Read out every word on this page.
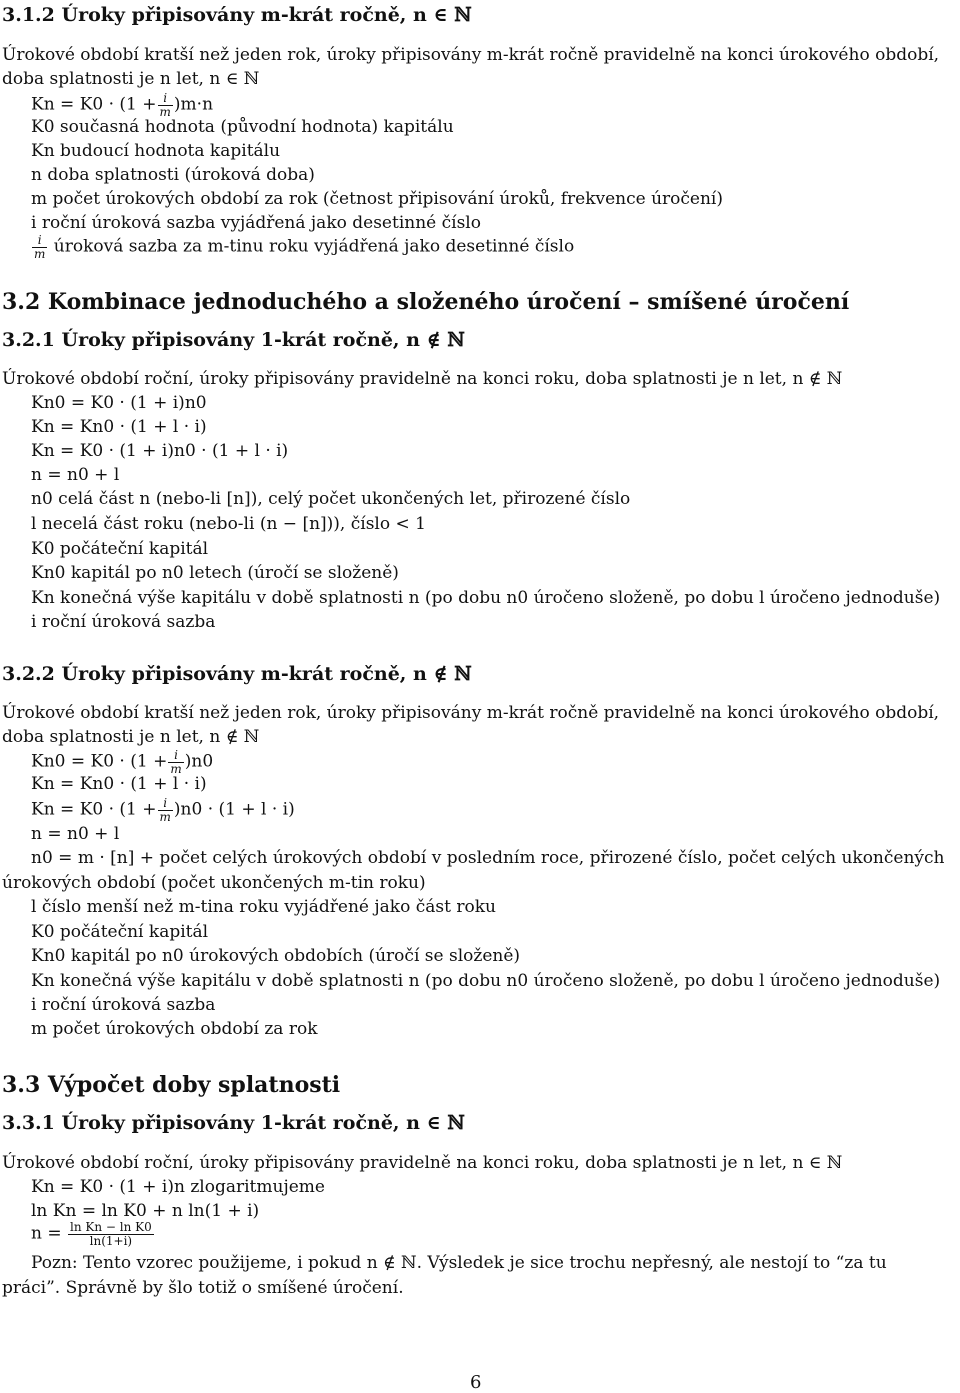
3.1.2 Úroky připisovány m-krát ročně, n ∈ ℕ
Úrokové období kratší než jeden rok, úroky připisovány m-krát ročně pravidelně na konci úrokového období,
doba splatnosti je n let, n ∈ ℕ
$Kn = K0 \cdot (1 + \frac{i}{m} )m\cdot n$
K0 současná hodnota (původní hodnota) kapitálu
Kn budoucí hodnota kapitálu
n doba splatnosti (úroková doba)
m počet úrokových období za rok (četnost připisování úroků, frekvence úročení)
i roční úroková sazba vyjádřená jako desetinné číslo
$\frac{i}{m}$ úroková sazba za m-tinu roku vyjádřená jako desetinné číslo
3.2 Kombinace jednoduchého a složeného úročení – smíšené úročení
3.2.1 Úroky připisovány 1-krát ročně, n ∉ ℕ
Úrokové období roční, úroky připisovány pravidelně na konci roku, doba splatnosti je n let, n ∉ ℕ
Kn0 = K0 · (1 + i)n0
Kn = Kn0 · (1 + l · i)
Kn = K0 · (1 + i)n0 · (1 + l · i)
n = n0 + l
n0 celá část n (nebo-li [n]), celý počet ukončených let, přirozené číslo
l necelá část roku (nebo-li (n − [n])), číslo < 1
K0 počáteční kapitál
Kn0 kapitál po n0 letech (úročí se složeně)
Kn konečná výše kapitálu v době splatnosti n (po dobu n0 úročeno složeně, po dobu l úročeno jednoduše)
i roční úroková sazba
3.2.2 Úroky připisovány m-krát ročně, n ∉ ℕ
Úrokové období kratší než jeden rok, úroky připisovány m-krát ročně pravidelně na konci úrokového období,
doba splatnosti je n let, n ∉ ℕ
$Kn0 = K0 \cdot (1 + \frac{i}{m} )n0$
Kn = Kn0 · (1 + l · i)
$Kn = K0 \cdot (1 + \frac{i}{m} )n0 \cdot (1 + l \cdot i)$
n = n0 + l
n0 = m · [n] + počet celých úrokových období v posledním roce, přirozené číslo, počet celých ukončených
úrokových období (počet ukončených m-tin roku)
l číslo menší než m-tina roku vyjádřené jako část roku
K0 počáteční kapitál
Kn0 kapitál po n0 úrokových obdobích (úročí se složeně)
Kn konečná výše kapitálu v době splatnosti n (po dobu n0 úročeno složeně, po dobu l úročeno jednoduše)
i roční úroková sazba
m počet úrokových období za rok
3.3 Výpočet doby splatnosti
3.3.1 Úroky připisovány 1-krát ročně, n ∈ ℕ
Úrokové období roční, úroky připisovány pravidelně na konci roku, doba splatnosti je n let, n ∈ ℕ
Kn = K0 · (1 + i)n zlogaritmujeme
ln Kn = ln K0 + n ln(1 + i)
$n = \frac{\text{ln Kn − ln K0}}{\ln(1+i)}$
Pozn: Tento vzorec použijeme, i pokud n ∉ ℕ. Výsledek je sice trochu nepřesný, ale nestojí to “za tu
práci”. Správně by šlo totiž o smíšené úročení.
6
